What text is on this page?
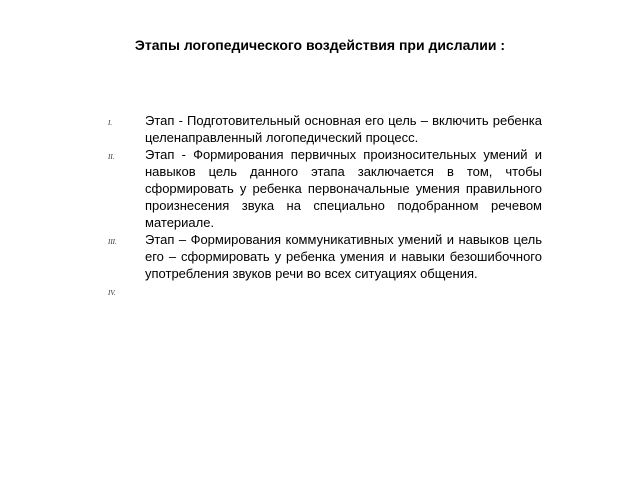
Этапы логопедического воздействия при дислалии :
I.	Этап - Подготовительный основная его цель – включить ребенка целенаправленный логопедический процесс.
II. Этап - Формирования первичных произносительных умений и навыков цель данного этапа заключается в том, чтобы сформировать у ребенка первоначальные умения правильного произнесения звука на специально подобранном речевом материале.
III. Этап – Формирования коммуникативных умений и навыков цель его – сформировать у ребенка умения и навыки безошибочного употребления звуков речи во всех ситуациях общения.
IV.
